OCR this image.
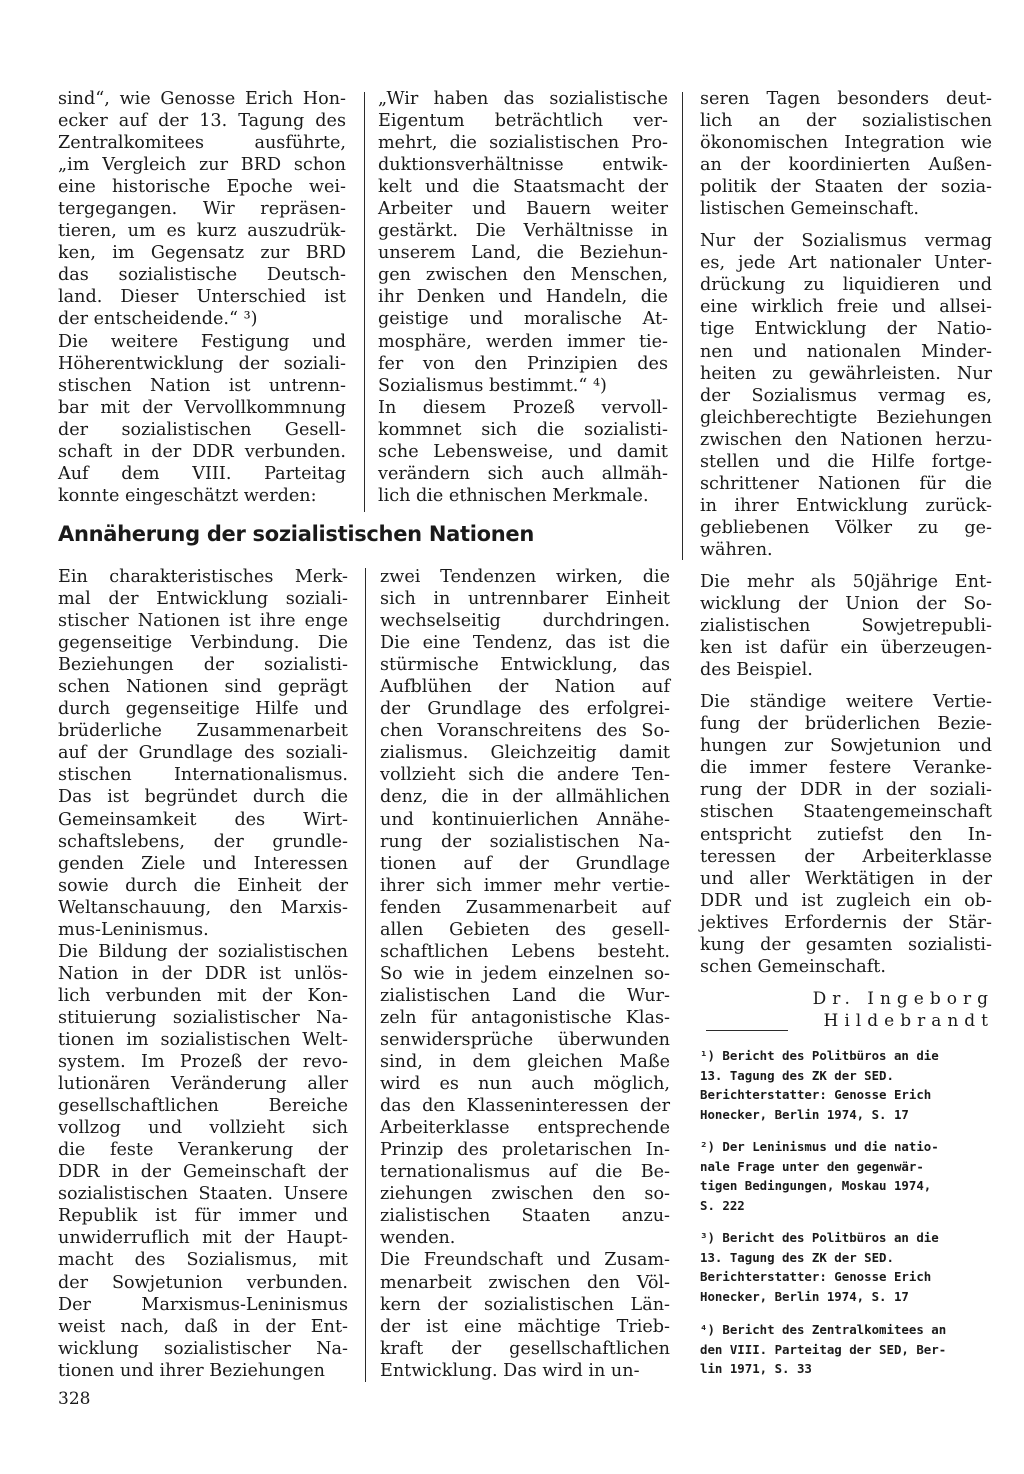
sind“, wie Genosse Erich Hon-
ecker auf der 13. Tagung des
Zentralkomitees ausführte,
„im Vergleich zur BRD schon
eine historische Epoche wei-
tergegangen. Wir repräsen-
tieren, um es kurz auszudrük-
ken, im Gegensatz zur BRD
das sozialistische Deutsch-
land. Dieser Unterschied ist
der entscheidende.“ ³)
Die weitere Festigung und
Höherentwicklung der soziali-
stischen Nation ist untrenn-
bar mit der Vervollkommnung
der sozialistischen Gesell-
schaft in der DDR verbunden.
Auf dem VIII. Parteitag
konnte eingeschätzt werden:
„Wir haben das sozialistische
Eigentum beträchtlich ver-
mehrt, die sozialistischen Pro-
duktionsverhältnisse entwik-
kelt und die Staatsmacht der
Arbeiter und Bauern weiter
gestärkt. Die Verhältnisse in
unserem Land, die Beziehun-
gen zwischen den Menschen,
ihr Denken und Handeln, die
geistige und moralische At-
mosphäre, werden immer tie-
fer von den Prinzipien des
Sozialismus bestimmt.“ ⁴)
In diesem Prozeß vervoll-
kommnet sich die sozialisti-
sche Lebensweise, und damit
verändern sich auch allmäh-
lich die ethnischen Merkmale.
Annäherung der sozialistischen Nationen
Ein charakteristisches Merk-
mal der Entwicklung soziali-
stischer Nationen ist ihre enge
gegenseitige Verbindung. Die
Beziehungen der sozialisti-
schen Nationen sind geprägt
durch gegenseitige Hilfe und
brüderliche Zusammenarbeit
auf der Grundlage des soziali-
stischen Internationalismus.
Das ist begründet durch die
Gemeinsamkeit des Wirt-
schaftslebens, der grundle-
genden Ziele und Interessen
sowie durch die Einheit der
Weltanschauung, den Marxis-
mus-Leninismus.
Die Bildung der sozialistischen
Nation in der DDR ist unlös-
lich verbunden mit der Kon-
stituierung sozialistischer Na-
tionen im sozialistischen Welt-
system. Im Prozeß der revo-
lutionären Veränderung aller
gesellschaftlichen Bereiche
vollzog und vollzieht sich
die feste Verankerung der
DDR in der Gemeinschaft der
sozialistischen Staaten. Unsere
Republik ist für immer und
unwiderruflich mit der Haupt-
macht des Sozialismus, mit
der Sowjetunion verbunden.
Der Marxismus-Leninismus
weist nach, daß in der Ent-
wicklung sozialistischer Na-
tionen und ihrer Beziehungen
zwei Tendenzen wirken, die
sich in untrennbarer Einheit
wechselseitig durchdringen.
Die eine Tendenz, das ist die
stürmische Entwicklung, das
Aufblühen der Nation auf
der Grundlage des erfolgrei-
chen Voranschreitens des So-
zialismus. Gleichzeitig damit
vollzieht sich die andere Ten-
denz, die in der allmählichen
und kontinuierlichen Annähe-
rung der sozialistischen Na-
tionen auf der Grundlage
ihrer sich immer mehr vertie-
fenden Zusammenarbeit auf
allen Gebieten des gesell-
schaftlichen Lebens besteht.
So wie in jedem einzelnen so-
zialistischen Land die Wur-
zeln für antagonistische Klas-
senwidersprüche überwunden
sind, in dem gleichen Maße
wird es nun auch möglich,
das den Klasseninteressen der
Arbeiterklasse entsprechende
Prinzip des proletarischen In-
ternationalismus auf die Be-
ziehungen zwischen den so-
zialistischen Staaten anzu-
wenden.
Die Freundschaft und Zusam-
menarbeit zwischen den Völ-
kern der sozialistischen Län-
der ist eine mächtige Trieb-
kraft der gesellschaftlichen
Entwicklung. Das wird in un-
seren Tagen besonders deut-
lich an der sozialistischen
ökonomischen Integration wie
an der koordinierten Außen-
politik der Staaten der sozia-
listischen Gemeinschaft.
Nur der Sozialismus vermag
es, jede Art nationaler Unter-
drückung zu liquidieren und
eine wirklich freie und allsei-
tige Entwicklung der Natio-
nen und nationalen Minder-
heiten zu gewährleisten. Nur
der Sozialismus vermag es,
gleichberechtigte Beziehungen
zwischen den Nationen herzu-
stellen und die Hilfe fortge-
schrittener Nationen für die
in ihrer Entwicklung zurück-
gebliebenen Völker zu ge-
währen.
Die mehr als 50jährige Ent-
wicklung der Union der So-
zialistischen Sowjetrepubli-
ken ist dafür ein überzeugen-
des Beispiel.
Die ständige weitere Vertie-
fung der brüderlichen Bezie-
hungen zur Sowjetunion und
die immer festere Veranke-
rung der DDR in der soziali-
stischen Staatengemeinschaft
entspricht zutiefst den In-
teressen der Arbeiterklasse
und aller Werktätigen in der
DDR und ist zugleich ein ob-
jektives Erfordernis der Stär-
kung der gesamten sozialisti-
schen Gemeinschaft.
Dr. Ingeborg
Hildebrandt
¹) Bericht des Politbüros an die
13. Tagung des ZK der SED.
Berichterstatter: Genosse Erich
Honecker, Berlin 1974, S. 17
²) Der Leninismus und die natio-
nale Frage unter den gegenwär-
tigen Bedingungen, Moskau 1974,
S. 222
³) Bericht des Politbüros an die
13. Tagung des ZK der SED.
Berichterstatter: Genosse Erich
Honecker, Berlin 1974, S. 17
⁴) Bericht des Zentralkomitees an
den VIII. Parteitag der SED, Ber-
lin 1971, S. 33
328
